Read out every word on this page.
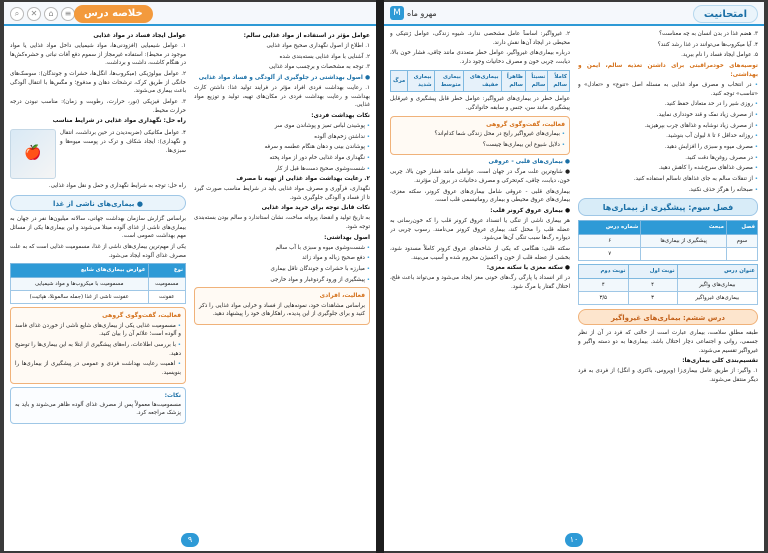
⌕	✕	⌂	≡	خلاصه درس
عوامل مؤثر در استفاده از مواد غذایی سالم:

۱. اطلاع از اصول نگهداری صحیح مواد غذایی

۲. آشنایی با مواد غذایی بسته‌بندی شده

۳. توجه به مشخصات و برچسب مواد غذایی

● اصول بهداشتی در جلوگیری از آلودگی و فساد مواد غذایی

۱. رعایت بهداشت فردی افراد مؤثر در فرایند تولید غذا: داشتن کارت بهداشت و رعایت بهداشت فردی در مکان‌های تهیه، تولید و توزیع مواد غذایی.

نکات بهداشت فردی:

• پوشیدن لباس تمیز و پوشاندن موی سر

• نداشتن زخم‌های آلوده

• پوشاندن بینی و دهان هنگام عطسه و سرفه

• نگهداری مواد غذایی خام دور از مواد پخته

• شست‌وشوی صحیح دست‌ها قبل از کار

۲. رعایت بهداشت مواد غذایی از تهیه تا مصرف

نگهداری، فرآوری و مصرف مواد غذایی باید در شرایط مناسب صورت گیرد تا از فساد و آلودگی جلوگیری شود.

نکات قابل توجه برای خرید مواد غذایی

به تاریخ تولید و انقضا، پروانه ساخت، نشان استاندارد و سالم بودن بسته‌بندی توجه شود.

اصول بهداشتی:

• شست‌وشوی میوه و سبزی با آب سالم

• دفع صحیح زباله و مواد زائد

• مبارزه با حشرات و جوندگان ناقل بیماری

• پیشگیری از ورود گردوغبار و مواد خارجی

فعالیت، افرادی

براساس مشاهدات خود، نمونه‌هایی از فساد و خرابی مواد غذایی را ذکر کنید و برای جلوگیری از این پدیده، راهکارهای خود را پیشنهاد دهید.

عوامل ایجاد فساد در مواد غذایی

۱. عوامل شیمیایی (افزودنی‌ها، مواد شیمیایی داخل مواد غذایی یا مواد موجود در محیط): استفاده غیرمجاز از سموم دفع آفات نباتی و حشره‌کش‌ها در هنگام کاشت، داشت و برداشت.

۲. عوامل بیولوژیکی (میکروب‌ها، انگل‌ها، حشرات و جوندگان): سوسک‌های خانگی از طریق کرک، ترشحات دهان و مدفوع؛ و مگس‌ها با انتقال آلودگی باعث بیماری می‌شوند.

۳. عوامل فیزیکی (نور، حرارت، رطوبت و زمان): مناسب نبودن درجه حرارت محیط.

راه حل: نگهداری مواد غذایی در شرایط مناسب
۴. عوامل مکانیکی (ضربه‌دیدن در حین برداشت، انتقال و نگهداری): ایجاد شکاف و ترک در پوست میوه‌ها و سبزی‌ها.
🍎

راه حل: توجه به شرایط نگهداری و حمل و نقل مواد غذایی.

● بیماری‌های ناشی از غذا

براساس گزارش سازمان بهداشت جهانی، سالانه میلیون‌ها نفر در جهان به بیماری‌های ناشی از غذای آلوده مبتلا می‌شوند و این بیماری‌ها یکی از مسائل مهم بهداشت عمومی است.

یکی از مهم‌ترین بیماری‌های ناشی از غذا، مسمومیت غذایی است که به علت مصرف غذای آلوده ایجاد می‌شود.

نوع	عوارض بیماری‌های شایع
مسمومیت	مسمومیت با میکروب‌ها و مواد شیمیایی
عفونت	عفونت ناشی از غذا (جمله سالمونلا، هپاتیت)
فعالیت، گفت‌وگوی گروهی

• مسمومیت غذایی یکی از بیماری‌های شایع ناشی از خوردن غذای فاسد و آلوده است؛ علائم آن را بیان کنید.

• با بررسی اطلاعات، راه‌های پیشگیری از ابتلا به این بیماری‌ها را توضیح دهید.

• اهمیت رعایت بهداشت فردی و عمومی در پیشگیری از بیماری‌ها را بنویسید.

نکات:

مسمومیت‌ها معمولاً پس از مصرف غذای آلوده ظاهر می‌شوند و باید به پزشک مراجعه کرد.

۹
امتحانیت
مهرو ماه
M

۳. هضم غذا در بدن انسان به چه معناست؟

۴. آیا میکروب‌ها می‌توانند در غذا رشد کنند؟

۵. عوامل ایجاد فساد را نام ببرید.

توصیه‌های خودمراقبتی برای داشتن تغذیه سالم، ایمن و بهداشتی:

• در انتخاب و مصرف مواد غذایی به مسئله اصل «تنوع» و «تعادل» و «تناسب» توجه کنید.

• روزی شیر را در حد متعادل حفظ کنید.

• از مصرف زیاد نمک و قند خودداری نمایید.

• از مصرف زیاد نوشابه و غذاهای چرب بپرهیزید.

• روزانه حداقل ۶ تا ۸ لیوان آب بنوشید.

• مصرف میوه و سبزی را افزایش دهید.

• در مصرف روغن‌ها دقت کنید.

• مصرف غذاهای سرخ‌شده را کاهش دهید.

• از تنقلات سالم به جای غذاهای ناسالم استفاده کنید.

• صبحانه را هرگز حذف نکنید.

فصل سوم: پیشگیری از بیماری‌ها
فصل	مبحث	شماره درس
سوم	پیشگیری از بیماری‌ها	۶
		۷
عنوان درس	نوبت اول	نوبت دوم
بیماری‌های واگیر	۴	۴
بیماری‌های غیرواگیر	۳	۳/۵
درس ششم: بیماری‌های غیرواگیر

طبقه مطلق سلامت، بیماری عبارت است از حالتی که فرد در آن از نظر جسمی، روانی و اجتماعی دچار اختلال باشد. بیماری‌ها به دو دسته واگیر و غیرواگیر تقسیم می‌شوند.

تقسیم‌بندی کلی بیماری‌ها:

۱. واگیر: از طریق عامل بیماری‌زا (ویروس، باکتری و انگل) از فردی به فرد دیگر منتقل می‌شوند.

۲. غیرواگیر: اساساً عامل مشخصی ندارد. شیوه زندگی، عوامل ژنتیکی و محیطی در ایجاد آن‌ها نقش دارند.

درباره بیماری‌های غیرواگیر، عوامل خطر متعددی مانند چاقی، فشار خون بالا، دیابت، چربی خون و مصرف دخانیات وجود دارد.

کاملاً سالم	نسبتاً سالم	ظاهراً سالم	بیماری‌های خفیف	بیماری متوسط	بیماری شدید	مرگ

عوامل خطر در بیماری‌های غیرواگیر: عوامل خطر قابل پیشگیری و غیرقابل پیشگیری مانند سن، جنس و سابقه خانوادگی.

فعالیت، گفت‌وگوی گروهی

• بیماری‌های غیرواگیر رایج در محل زندگی شما کدام‌اند؟

• دلایل شیوع این بیماری‌ها چیست؟

● بیماری‌های قلبی - عروقی

● شایع‌ترین علت مرگ در جهان است. عواملی مانند فشار خون بالا، چربی خون، دیابت، چاقی، کم‌تحرکی و مصرف دخانیات در بروز آن مؤثرند.

بیماری‌های قلبی - عروقی شامل بیماری‌های عروق کرونر، سکته مغزی، بیماری‌های عروق محیطی و بیماری روماتیسمی قلب است.

● بیماری عروق کرونر قلب:

هر بیماری ناشی از تنگی یا انسداد عروق کرونر قلب را که خون‌رسانی به عضله قلب را مختل کند، بیماری عروق کرونر می‌نامند. رسوب چربی در دیواره رگ‌ها سبب تنگی آن‌ها می‌شود.

سکته قلبی: هنگامی که یکی از شاخه‌های عروق کرونر کاملاً مسدود شود، بخشی از عضله قلب از خون و اکسیژن محروم شده و آسیب می‌بیند.

● سکته مغزی یا سکته مغزی:

در اثر انسداد یا پارگی رگ‌های خونی مغز ایجاد می‌شود و می‌تواند باعث فلج، اختلال گفتار یا مرگ شود.

۱۰
